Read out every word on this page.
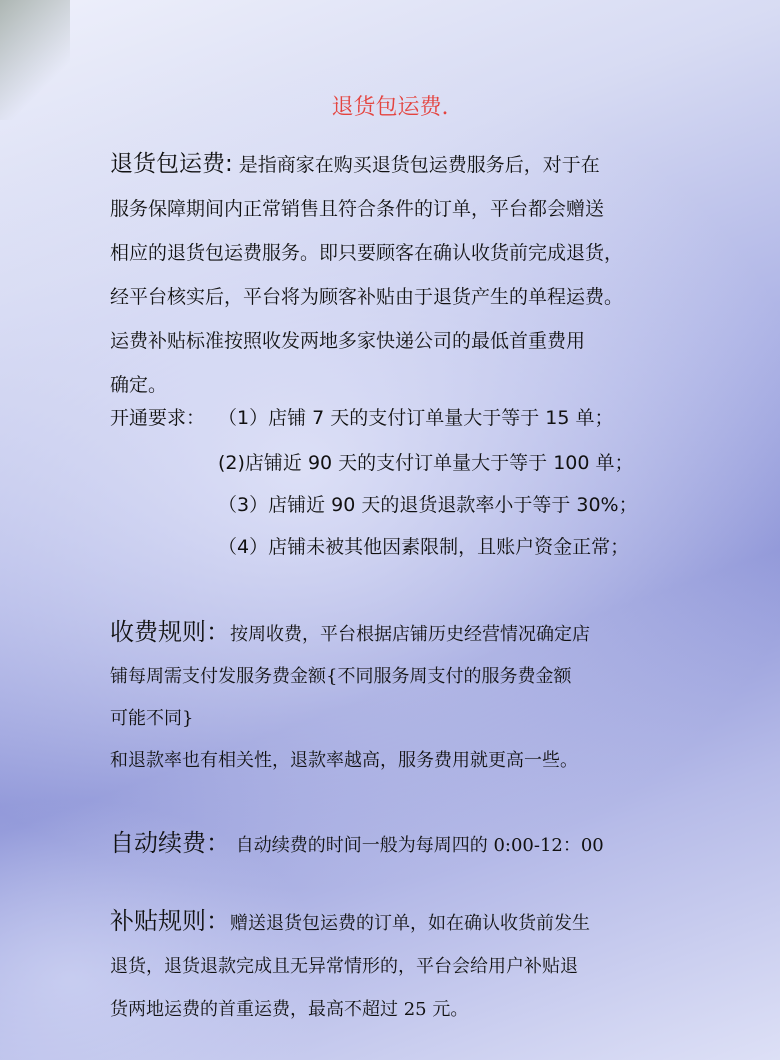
退货包运费.
退货包运费: 是指商家在购买退货包运费服务后，对于在
服务保障期间内正常销售且符合条件的订单，平台都会赠送
相应的退货包运费服务。即只要顾客在确认收货前完成退货，
经平台核实后，平台将为顾客补贴由于退货产生的单程运费。
运费补贴标准按照收发两地多家快递公司的最低首重费用
确定。
开通要求： （1）店铺 7 天的支付订单量大于等于 15 单；
(2)店铺近 90 天的支付订单量大于等于 100 单；
（3）店铺近 90 天的退货退款率小于等于 30%；
（4）店铺未被其他因素限制，且账户资金正常；
收费规则：按周收费，平台根据店铺历史经营情况确定店
铺每周需支付发服务费金额{不同服务周支付的服务费金额
可能不同}
和退款率也有相关性，退款率越高，服务费用就更高一些。
自动续费： 自动续费的时间一般为每周四的 0:00-12：00
补贴规则：赠送退货包运费的订单，如在确认收货前发生
退货，退货退款完成且无异常情形的，平台会给用户补贴退
货两地运费的首重运费，最高不超过 25 元。
